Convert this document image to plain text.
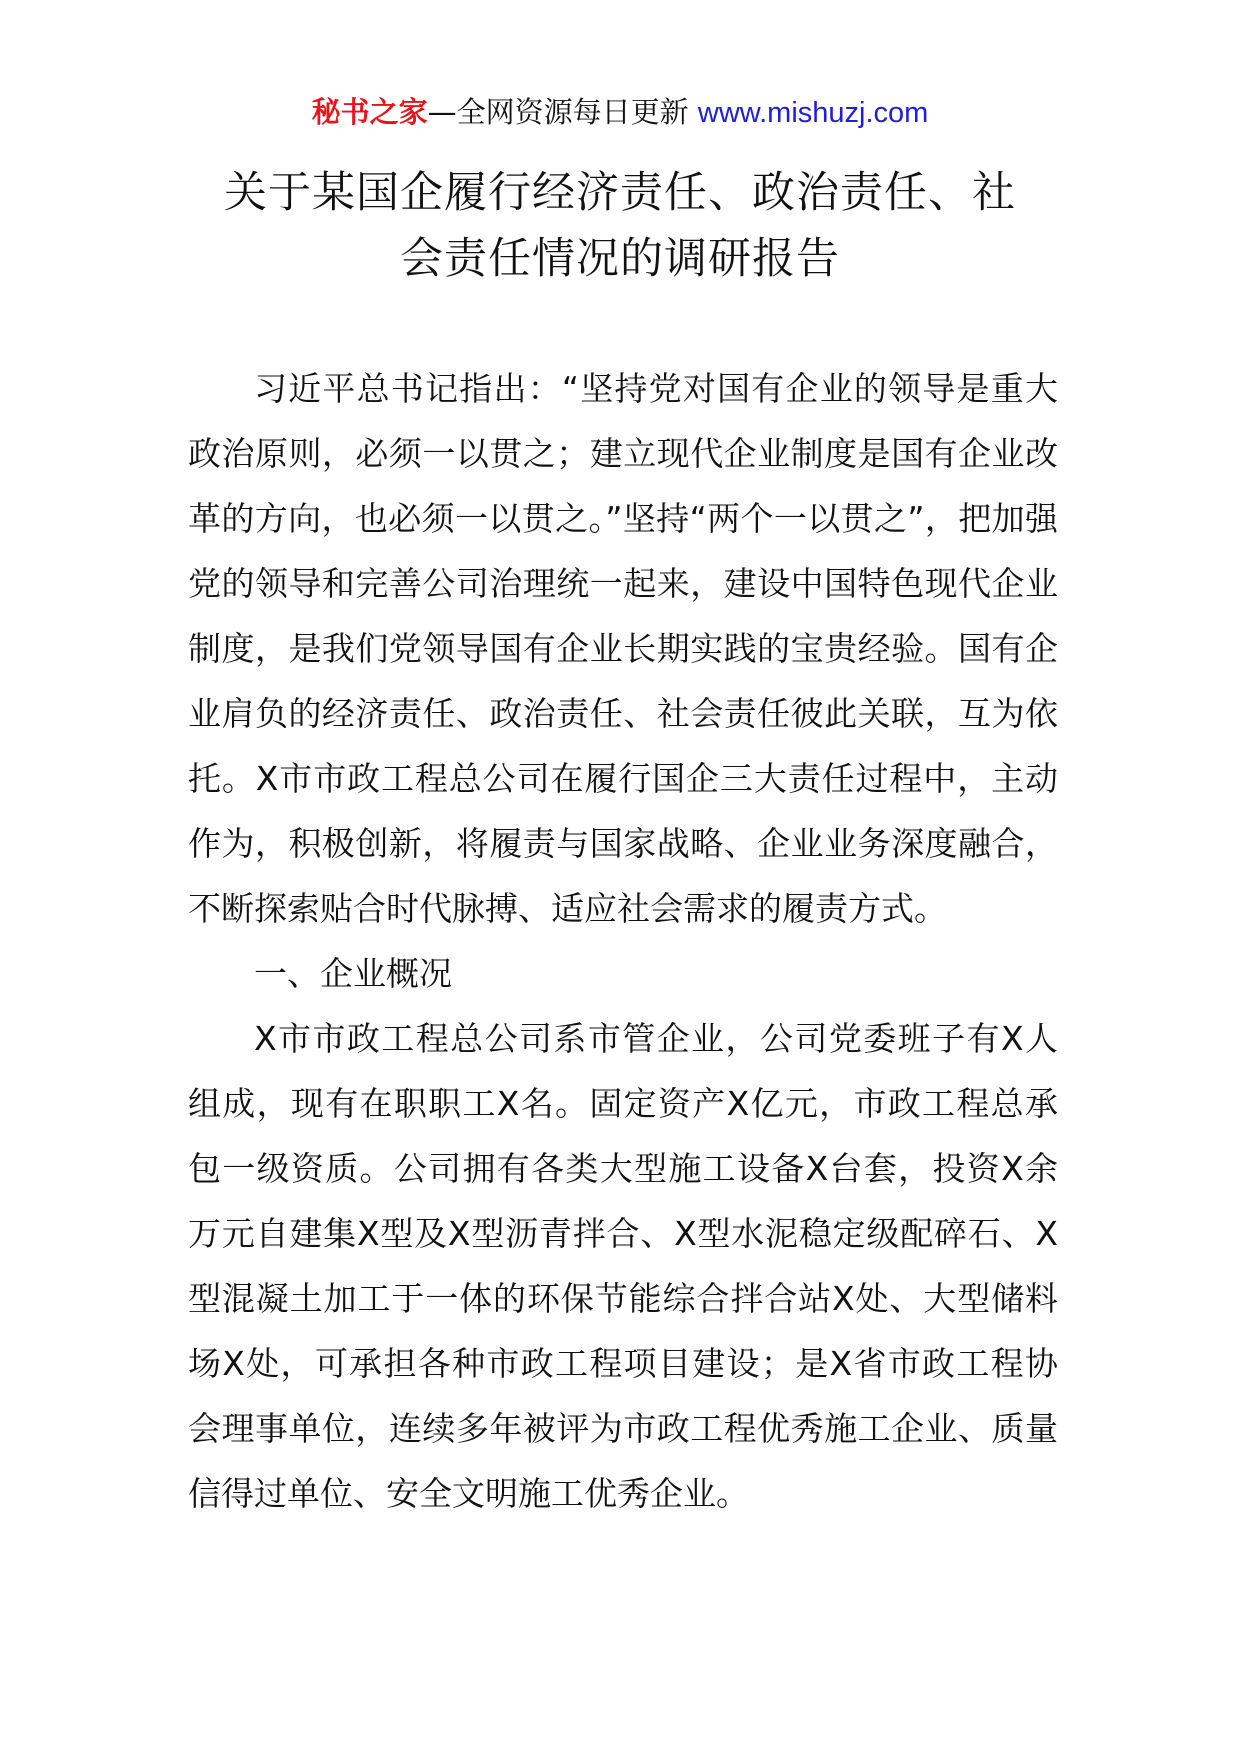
秘书之家—全网资源每日更新 www.mishuzj.com
关于某国企履行经济责任、政治责任、社
会责任情况的调研报告

习近平总书记指出：“坚持党对国有企业的领导是重大政治原则，必须一以贯之；建立现代企业制度是国有企业改革的方向，也必须一以贯之。”坚持“两个一以贯之”，把加强党的领导和完善公司治理统一起来，建设中国特色现代企业制度，是我们党领导国有企业长期实践的宝贵经验。国有企业肩负的经济责任、政治责任、社会责任彼此关联，互为依托。X市市政工程总公司在履行国企三大责任过程中，主动作为，积极创新，将履责与国家战略、企业业务深度融合，不断探索贴合时代脉搏、适应社会需求的履责方式。

一、企业概况

X市市政工程总公司系市管企业，公司党委班子有X人组成，现有在职职工X名。固定资产X亿元，市政工程总承包一级资质。公司拥有各类大型施工设备X台套，投资X余万元自建集X型及X型沥青拌合、X型水泥稳定级配碎石、X型混凝土加工于一体的环保节能综合拌合站X处、大型储料场X处，可承担各种市政工程项目建设；是X省市政工程协会理事单位，连续多年被评为市政工程优秀施工企业、质量信得过单位、安全文明施工优秀企业。
